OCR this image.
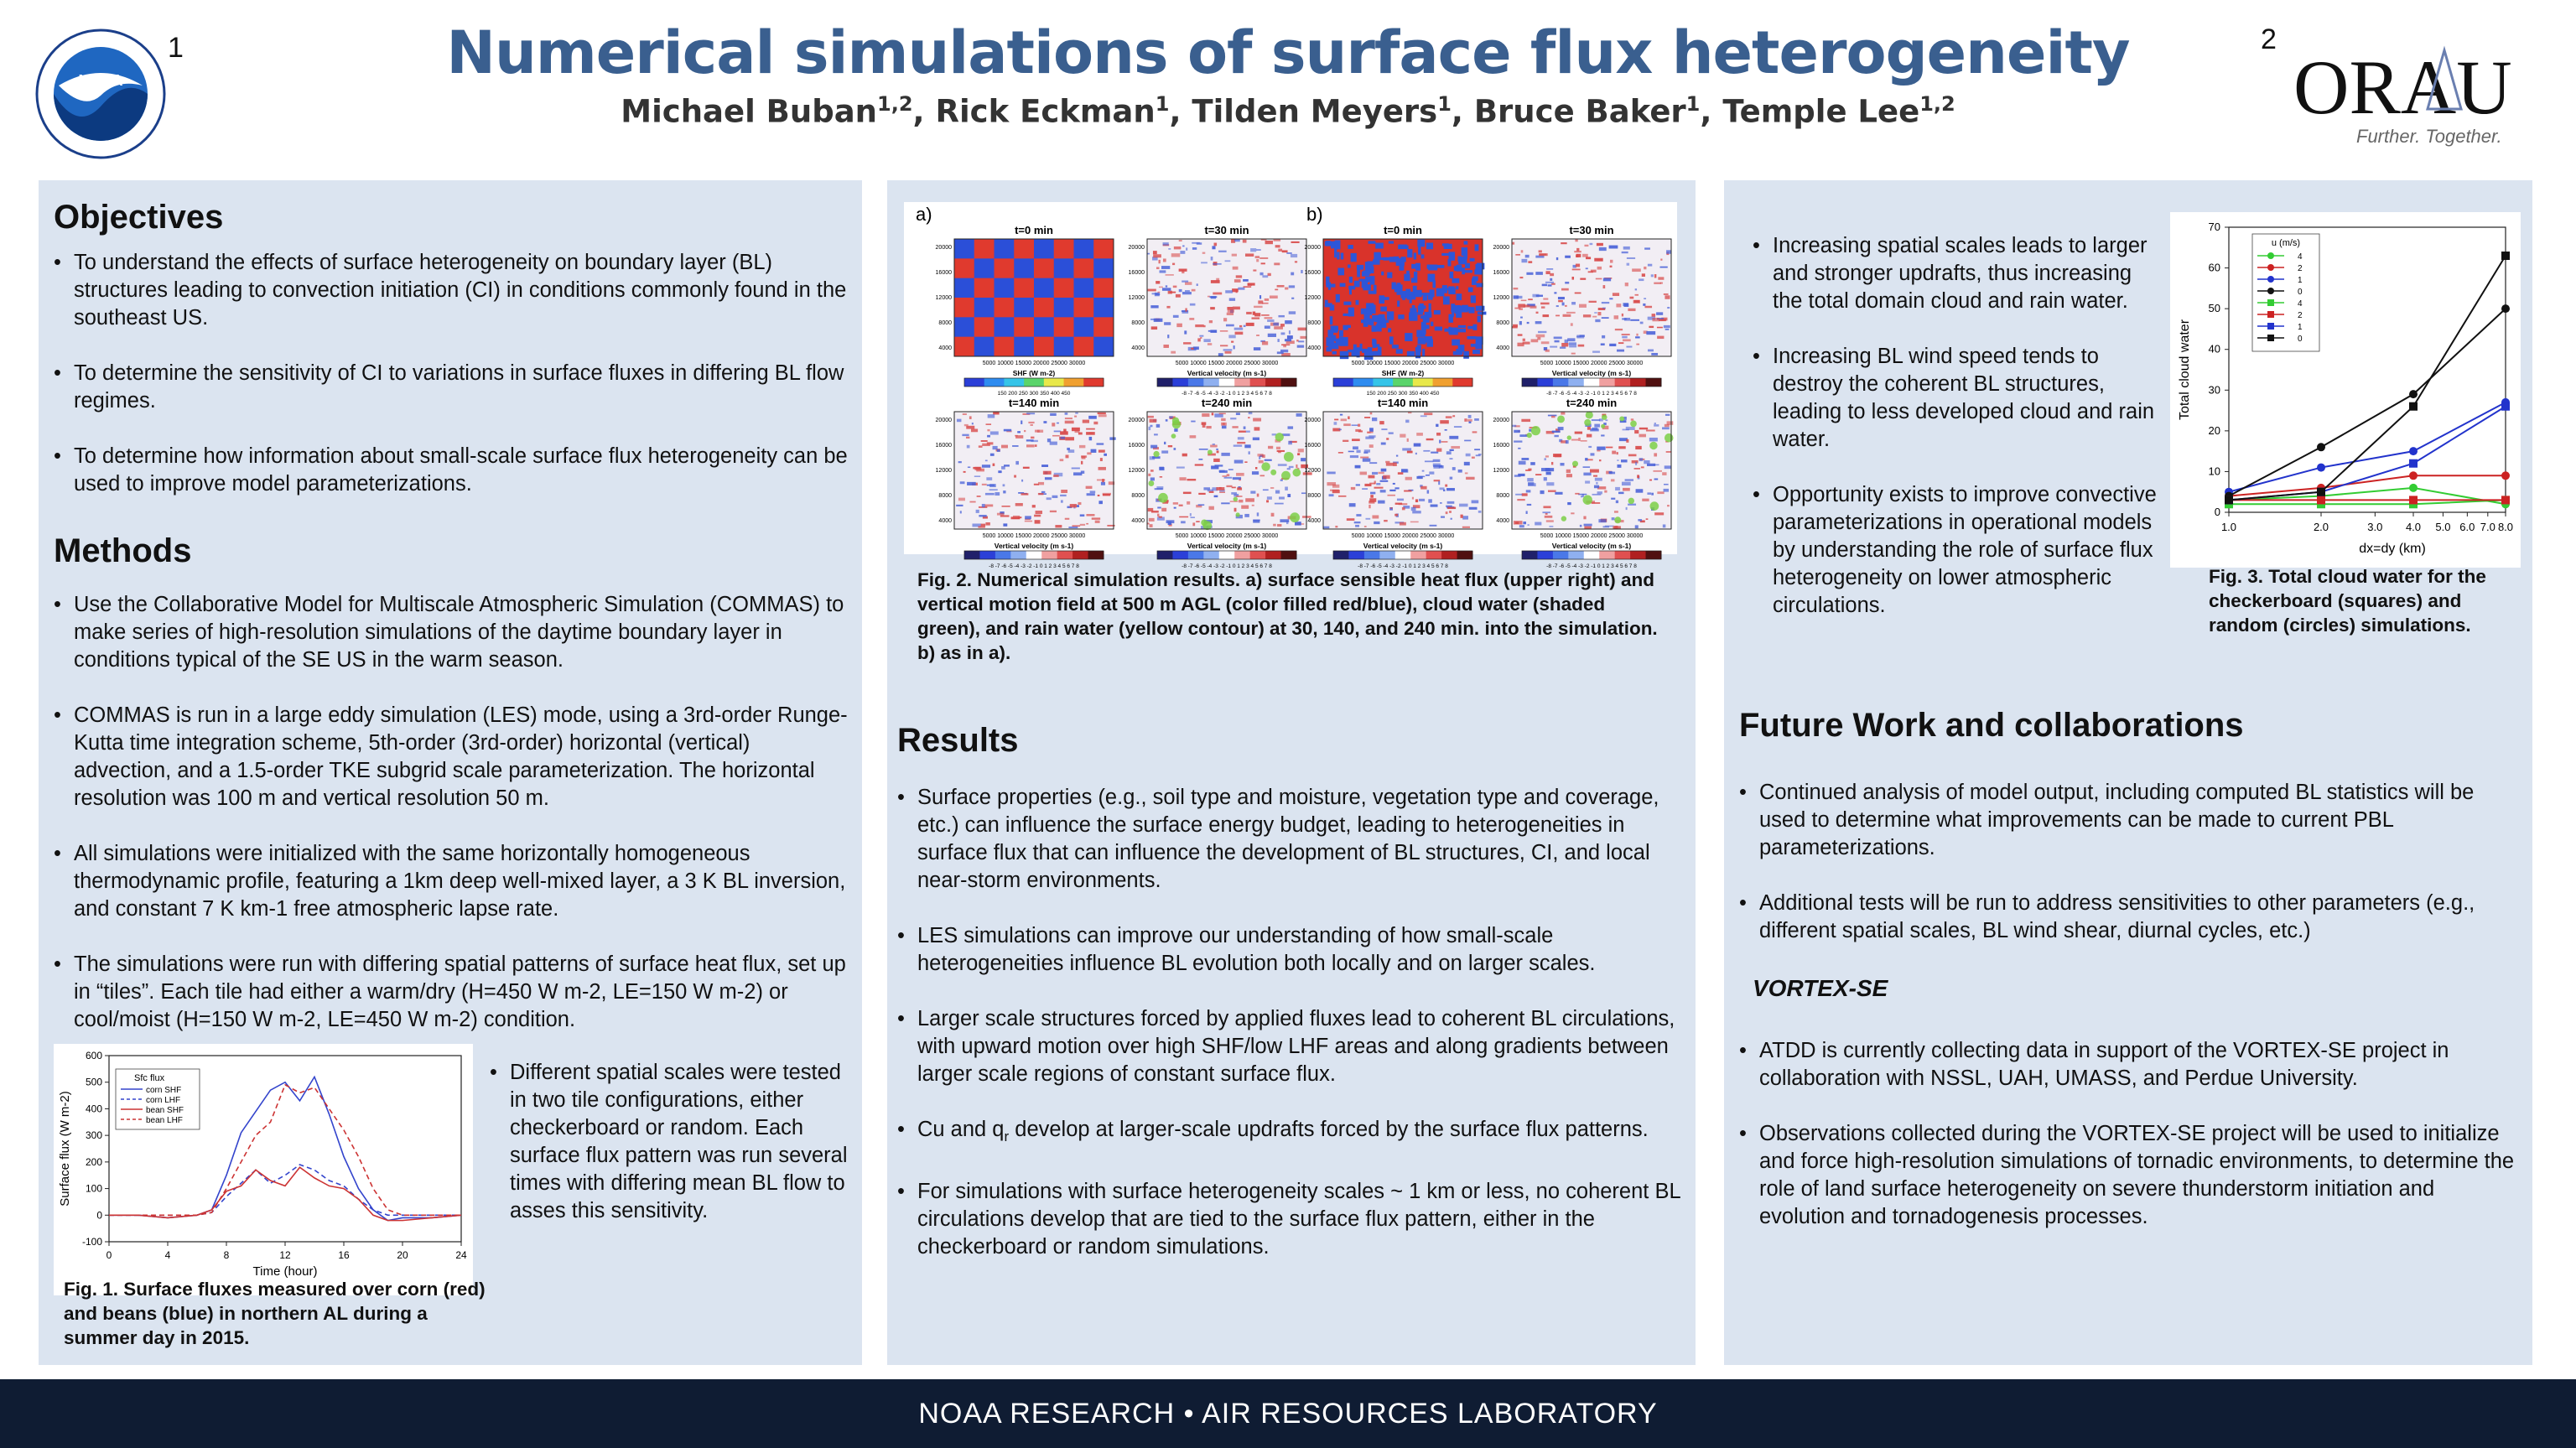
NOAA
1	2
Numerical simulations of surface flux heterogeneity
Michael Buban$^{1,2}$, Rick Eckman$^1$, Tilden Meyers$^1$, Bruce Baker$^1$, Temple Lee$^{1,2}$	ORAU
Further. Together.
Objectives
• To understand the effects of surface heterogeneity on boundary layer (BL) structures leading to convection initiation (CI) in conditions commonly found in the southeast US.
• To determine the sensitivity of CI to variations in surface fluxes in differing BL flow regimes.
• To determine how information about small-scale surface flux heterogeneity can be used to improve model parameterizations.
Methods
• Use the Collaborative Model for Multiscale Atmospheric Simulation (COMMAS) to make series of high-resolution simulations of the daytime boundary layer in conditions typical of the SE US in the warm season.
• COMMAS is run in a large eddy simulation (LES) mode, using a 3rd-order Runge-Kutta time integration scheme, 5th-order (3rd-order) horizontal (vertical) advection, and a 1.5-order TKE subgrid scale parameterization. The horizontal resolution was 100 m and vertical resolution 50 m.
• All simulations were initialized with the same horizontally homogeneous thermodynamic profile, featuring a 1km deep well-mixed layer, a 3 K BL inversion, and constant 7 K km-1 free atmospheric lapse rate.
• The simulations were run with differing spatial patterns of surface heat flux, set up in “tiles”. Each tile had either a warm/dry (H=450 W m-2, LE=150 W m-2) or cool/moist (H=150 W m-2, LE=450 W m-2) condition.
600
500
400
300
200
100
0
-100
0	4	8	12	16	20	24
Time (hour)
Surface flux (W m-2)
Sfc flux
corn SHF
corn LHF
bean SHF
bean LHF
Fig. 1. Surface fluxes measured over corn (red) and beans (blue) in northern AL during a summer day in 2015.
• Different spatial scales were tested in two tile configurations, either checkerboard or random. Each surface flux pattern was run several times with differing mean BL flow to asses this sensitivity.
a)	b)
t=0 min
20000
16000
12000
8000
4000
5000 10000 15000 20000 25000 30000
150 200 250 300 350 400 450
SHF (W m-2)
t=30 min
20000
16000
12000
8000
4000
5000 10000 15000 20000 25000 30000
-8 -7 -6 -5 -4 -3 -2 -1 0 1 2 3 4 5 6 7 8
Vertical velocity (m s-1)
t=140 min
20000
16000
12000
8000
4000
5000 10000 15000 20000 25000 30000
-8 -7 -6 -5 -4 -3 -2 -1 0 1 2 3 4 5 6 7 8
Vertical velocity (m s-1)
t=240 min
20000
16000
12000
8000
4000
5000 10000 15000 20000 25000 30000
-8 -7 -6 -5 -4 -3 -2 -1 0 1 2 3 4 5 6 7 8
Vertical velocity (m s-1)
t=0 min
20000
16000
12000
8000
4000
5000 10000 15000 20000 25000 30000
150 200 250 300 350 400 450
SHF (W m-2)
t=30 min
20000
16000
12000
8000
4000
5000 10000 15000 20000 25000 30000
-8 -7 -6 -5 -4 -3 -2 -1 0 1 2 3 4 5 6 7 8
Vertical velocity (m s-1)
t=140 min
20000
16000
12000
8000
4000
5000 10000 15000 20000 25000 30000
-8 -7 -6 -5 -4 -3 -2 -1 0 1 2 3 4 5 6 7 8
Vertical velocity (m s-1)
t=240 min
20000
16000
12000
8000
4000
5000 10000 15000 20000 25000 30000
-8 -7 -6 -5 -4 -3 -2 -1 0 1 2 3 4 5 6 7 8
Vertical velocity (m s-1)
Fig. 2. Numerical simulation results. a) surface sensible heat flux (upper right) and vertical motion field at 500 m AGL (color filled red/blue), cloud water (shaded green), and rain water (yellow contour) at 30, 140, and 240 min. into the simulation. b) as in a).
Results
• Surface properties (e.g., soil type and moisture, vegetation type and coverage, etc.) can influence the surface energy budget, leading to heterogeneities in surface flux that can influence the development of BL structures, CI, and local near-storm environments.
• LES simulations can improve our understanding of how small-scale heterogeneities influence BL evolution both locally and on larger scales.
• Larger scale structures forced by applied fluxes lead to coherent BL circulations, with upward motion over high SHF/low LHF areas and along gradients between larger scale regions of constant surface flux.
• Cu and $q_r$ develop at larger-scale updrafts forced by the surface flux patterns.
• For simulations with surface heterogeneity scales ~ 1 km or less, no coherent BL circulations develop that are tied to the surface flux pattern, either in the checkerboard or random simulations.
• Increasing spatial scales leads to larger and stronger updrafts, thus increasing the total domain cloud and rain water.
• Increasing BL wind speed tends to destroy the coherent BL structures, leading to less developed cloud and rain water.
• Opportunity exists to improve convective parameterizations in operational models by understanding the role of surface flux heterogeneity on lower atmospheric circulations.
70
60
50
40
30
20
10
0
1.0	2.0	3.0 4.0 5.0 6.0 7.0 8.0
dx=dy (km)
Total cloud water
u (m/s)
4
2
1
0
4
2
1
0
Fig. 3. Total cloud water for the checkerboard (squares) and random (circles) simulations.
Future Work and collaborations
• Continued analysis of model output, including computed BL statistics will be used to determine what improvements can be made to current PBL parameterizations.
• Additional tests will be run to address sensitivities to other parameters (e.g., different spatial scales, BL wind shear, diurnal cycles, etc.)
VORTEX-SE
• ATDD is currently collecting data in support of the VORTEX-SE project in collaboration with NSSL, UAH, UMASS, and Perdue University.
• Observations collected during the VORTEX-SE project will be used to initialize and force high-resolution simulations of tornadic environments, to determine the role of land surface heterogeneity on severe thunderstorm initiation and evolution and tornadogenesis processes.
NOAA RESEARCH • AIR RESOURCES LABORATORY
